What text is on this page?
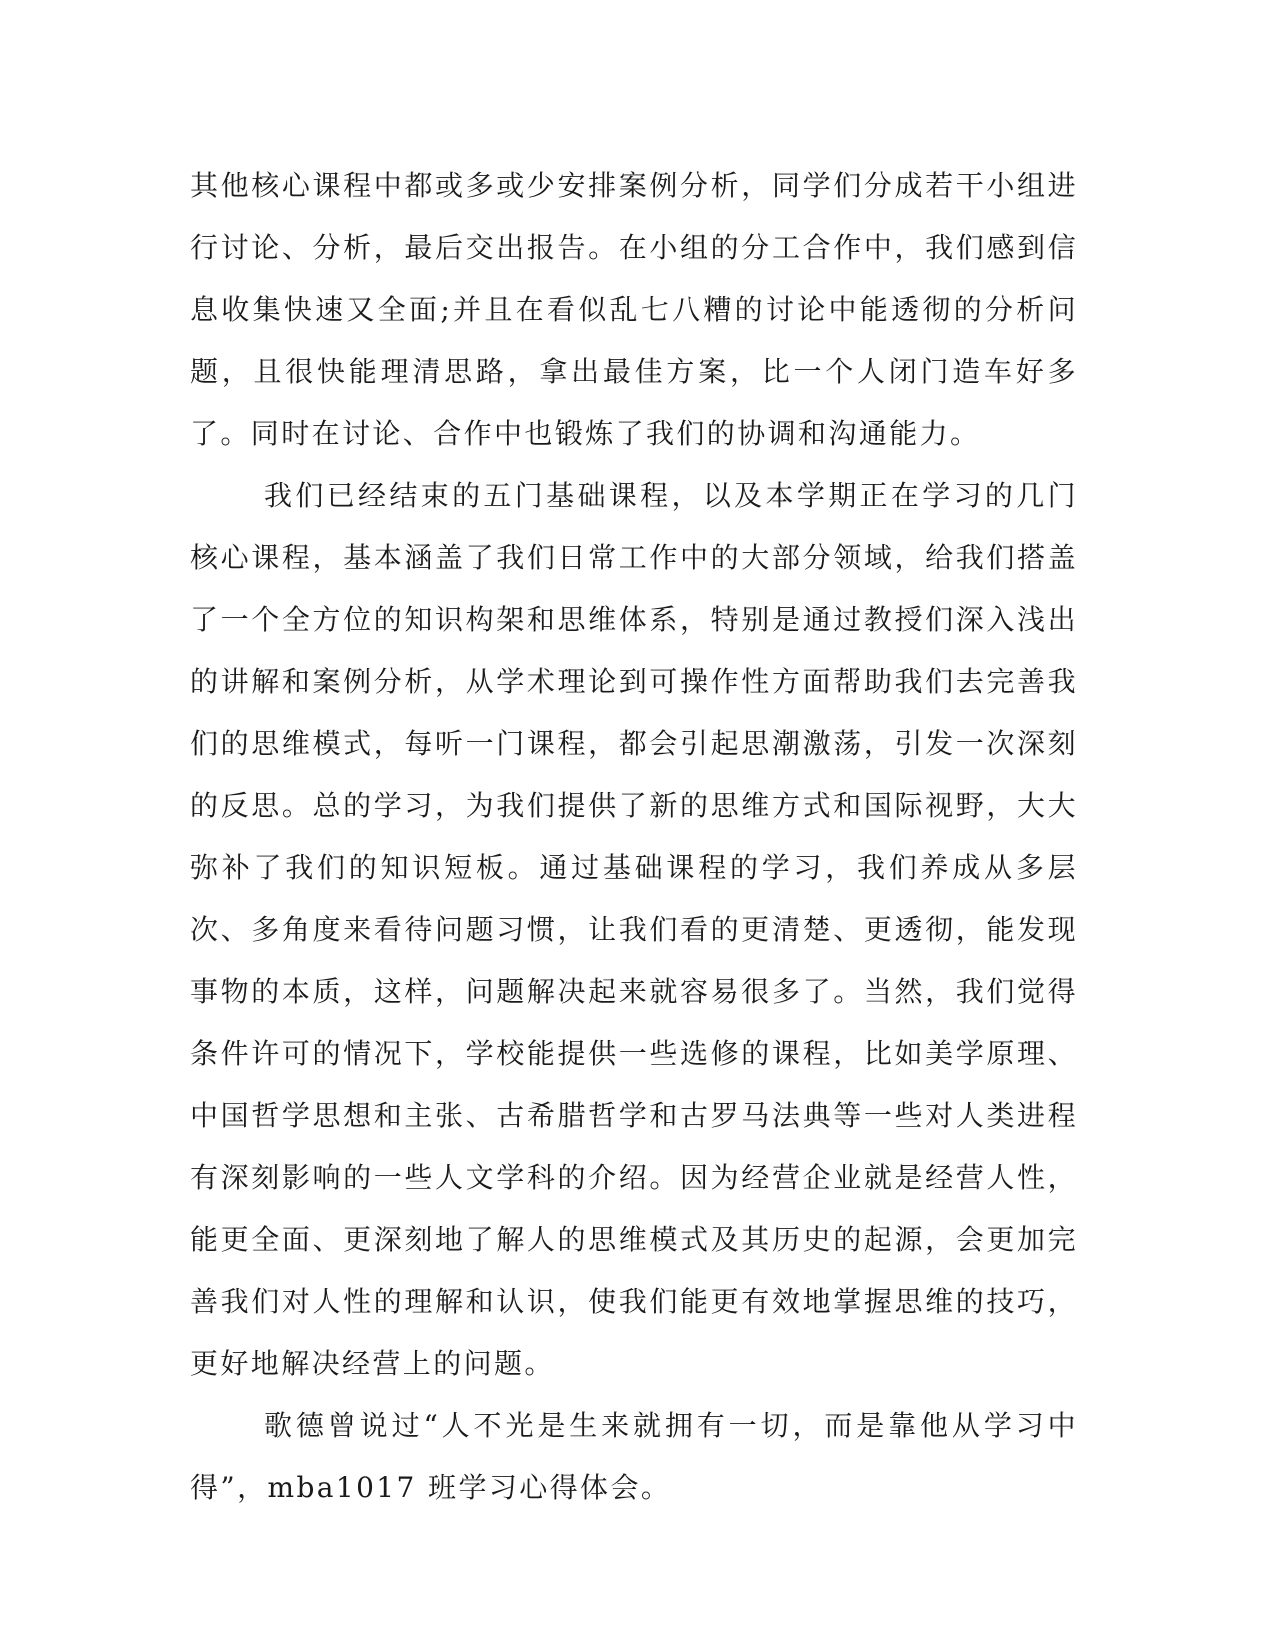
其他核心课程中都或多或少安排案例分析，同学们分成若干小组进行讨论、分析，最后交出报告。在小组的分工合作中，我们感到信息收集快速又全面;并且在看似乱七八糟的讨论中能透彻的分析问题，且很快能理清思路，拿出最佳方案，比一个人闭门造车好多了。同时在讨论、合作中也锻炼了我们的协调和沟通能力。

我们已经结束的五门基础课程，以及本学期正在学习的几门核心课程，基本涵盖了我们日常工作中的大部分领域，给我们搭盖了一个全方位的知识构架和思维体系，特别是通过教授们深入浅出的讲解和案例分析，从学术理论到可操作性方面帮助我们去完善我们的思维模式，每听一门课程，都会引起思潮激荡，引发一次深刻的反思。总的学习，为我们提供了新的思维方式和国际视野，大大弥补了我们的知识短板。通过基础课程的学习，我们养成从多层次、多角度来看待问题习惯，让我们看的更清楚、更透彻，能发现事物的本质，这样，问题解决起来就容易很多了。当然，我们觉得条件许可的情况下，学校能提供一些选修的课程，比如美学原理、中国哲学思想和主张、古希腊哲学和古罗马法典等一些对人类进程有深刻影响的一些人文学科的介绍。因为经营企业就是经营人性，能更全面、更深刻地了解人的思维模式及其历史的起源，会更加完善我们对人性的理解和认识，使我们能更有效地掌握思维的技巧，更好地解决经营上的问题。

歌德曾说过“人不光是生来就拥有一切，而是靠他从学习中得”，mba1017 班学习心得体会。
